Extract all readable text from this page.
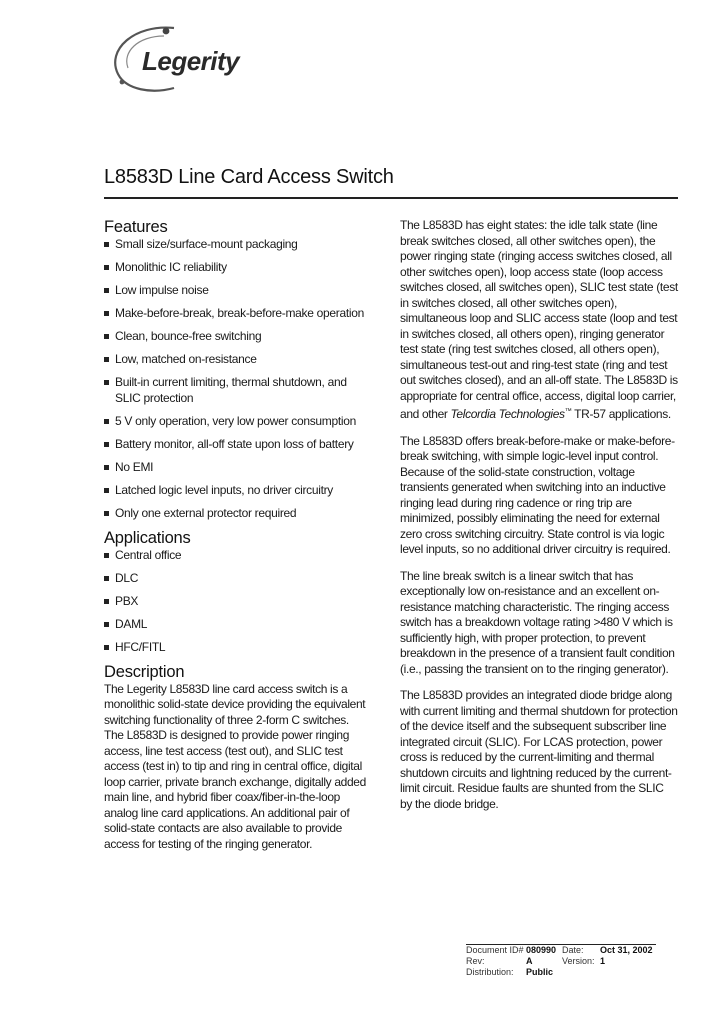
Legerity
L8583D Line Card Access Switch
Features
Small size/surface-mount packaging
Monolithic IC reliability
Low impulse noise
Make-before-break, break-before-make operation
Clean, bounce-free switching
Low, matched on-resistance
Built-in current limiting, thermal shutdown, and SLIC protection
5 V only operation, very low power consumption
Battery monitor, all-off state upon loss of battery
No EMI
Latched logic level inputs, no driver circuitry
Only one external protector required
Applications
Central office
DLC
PBX
DAML
HFC/FITL
Description

The Legerity L8583D line card access switch is a monolithic solid-state device providing the equivalent switching functionality of three 2-form C switches. The L8583D is designed to provide power ringing access, line test access (test out), and SLIC test access (test in) to tip and ring in central office, digital loop carrier, private branch exchange, digitally added main line, and hybrid fiber coax/fiber-in-the-loop analog line card applications. An additional pair of solid-state contacts are also available to provide access for testing of the ringing generator.

The L8583D has eight states: the idle talk state (line break switches closed, all other switches open), the power ringing state (ringing access switches closed, all other switches open), loop access state (loop access switches closed, all switches open), SLIC test state (test in switches closed, all other switches open), simultaneous loop and SLIC access state (loop and test in switches closed, all others open), ringing generator test state (ring test switches closed, all others open), simultaneous test-out and ring-test state (ring and test out switches closed), and an all-off state. The L8583D is appropriate for central office, access, digital loop carrier, and other Telcordia Technologies™ TR-57 applications.

The L8583D offers break-before-make or make-before-break switching, with simple logic-level input control. Because of the solid-state construction, voltage transients generated when switching into an inductive ringing lead during ring cadence or ring trip are minimized, possibly eliminating the need for external zero cross switching circuitry. State control is via logic level inputs, so no additional driver circuitry is required.

The line break switch is a linear switch that has exceptionally low on-resistance and an excellent on-resistance matching characteristic. The ringing access switch has a breakdown voltage rating >480 V which is sufficiently high, with proper protection, to prevent breakdown in the presence of a transient fault condition (i.e., passing the transient on to the ringing generator).

The L8583D provides an integrated diode bridge along with current limiting and thermal shutdown for protection of the device itself and the subsequent subscriber line integrated circuit (SLIC). For LCAS protection, power cross is reduced by the current-limiting and thermal shutdown circuits and lightning reduced by the current-limit circuit. Residue faults are shunted from the SLIC by the diode bridge.

Document ID# 080990 Date:	Oct 31, 2002
Rev:	A	Version: 1
Distribution:	Public
